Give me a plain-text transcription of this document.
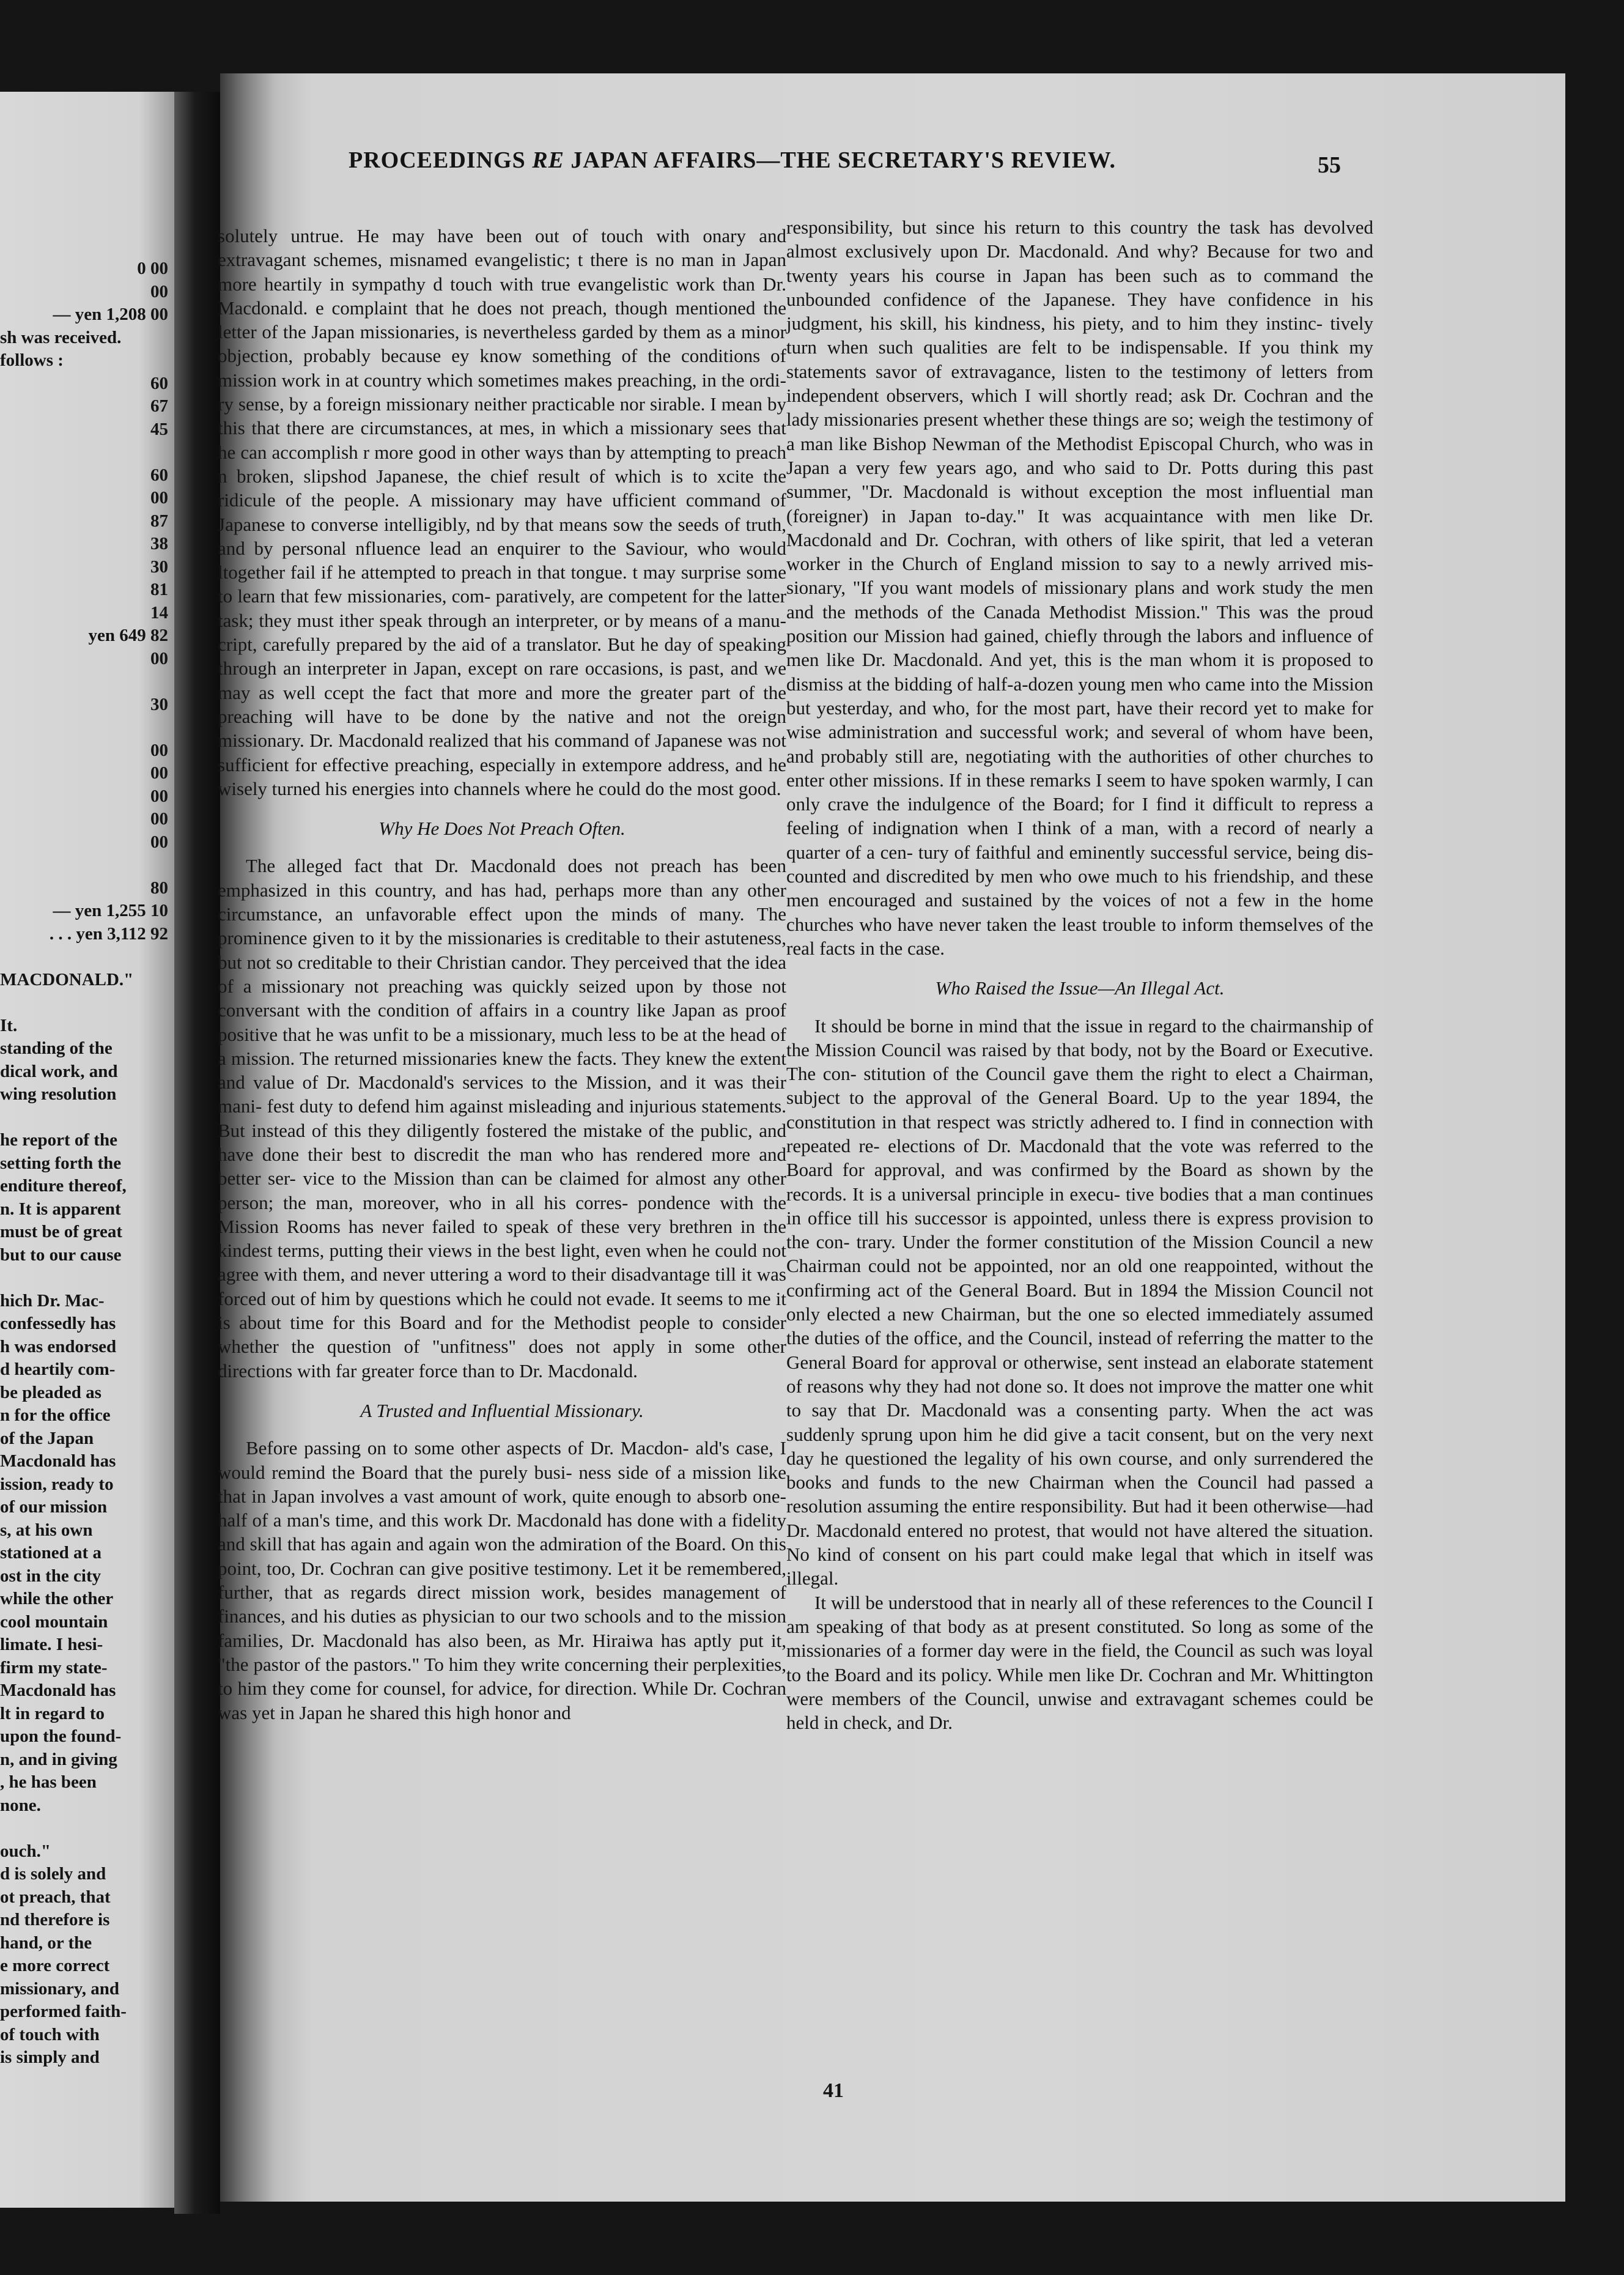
0 00
00
— yen 1,208 00
sh was received.
follows :
60
67
45
60
00
87
38
30
81
14
yen 649 82
00
30
00
00
00
00
00
80
— yen 1,255 10
. . . yen 3,112 92
MACDONALD."
It.
standing of the
dical work, and
wing resolution
he report of the
setting forth the
enditure thereof,
n. It is apparent
must be of great
but to our cause
hich Dr. Mac-
confessedly has
h was endorsed
d heartily com-
be pleaded as
n for the office
of the Japan
Macdonald has
ission, ready to
of our mission
s, at his own
stationed at a
ost in the city
while the other
cool mountain
limate. I hesi-
firm my state-
Macdonald has
lt in regard to
upon the found-
n, and in giving
, he has been
none.
ouch."
d is solely and
ot preach, that
nd therefore is
hand, or the
e more correct
missionary, and
performed faith-
of touch with
is simply and
PROCEEDINGS RE JAPAN AFFAIRS—THE SECRETARY'S REVIEW.	55

solutely untrue. He may have been out of touch with onary and extravagant schemes, misnamed evangelistic; t there is no man in Japan more heartily in sympathy d touch with true evangelistic work than Dr. Macdonald. e complaint that he does not preach, though mentioned the letter of the Japan missionaries, is nevertheless garded by them as a minor objection, probably because ey know something of the conditions of mission work in at country which sometimes makes preaching, in the ordi- ry sense, by a foreign missionary neither practicable nor sirable. I mean by this that there are circumstances, at mes, in which a missionary sees that he can accomplish r more good in other ways than by attempting to preach n broken, slipshod Japanese, the chief result of which is to xcite the ridicule of the people. A missionary may have ufficient command of Japanese to converse intelligibly, nd by that means sow the seeds of truth, and by personal nfluence lead an enquirer to the Saviour, who would ltogether fail if he attempted to preach in that tongue. t may surprise some to learn that few missionaries, com- paratively, are competent for the latter task; they must ither speak through an interpreter, or by means of a manu- cript, carefully prepared by the aid of a translator. But he day of speaking through an interpreter in Japan, except on rare occasions, is past, and we may as well ccept the fact that more and more the greater part of the preaching will have to be done by the native and not the oreign missionary. Dr. Macdonald realized that his command of Japanese was not sufficient for effective preaching, especially in extempore address, and he wisely turned his energies into channels where he could do the most good.

Why He Does Not Preach Often.

The alleged fact that Dr. Macdonald does not preach has been emphasized in this country, and has had, perhaps more than any other circumstance, an unfavorable effect upon the minds of many. The prominence given to it by the missionaries is creditable to their astuteness, but not so creditable to their Christian candor. They perceived that the idea of a missionary not preaching was quickly seized upon by those not conversant with the condition of affairs in a country like Japan as proof positive that he was unfit to be a missionary, much less to be at the head of a mission. The returned missionaries knew the facts. They knew the extent and value of Dr. Macdonald's services to the Mission, and it was their mani- fest duty to defend him against misleading and injurious statements. But instead of this they diligently fostered the mistake of the public, and have done their best to discredit the man who has rendered more and better ser- vice to the Mission than can be claimed for almost any other person; the man, moreover, who in all his corres- pondence with the Mission Rooms has never failed to speak of these very brethren in the kindest terms, putting their views in the best light, even when he could not agree with them, and never uttering a word to their disadvantage till it was forced out of him by questions which he could not evade. It seems to me it is about time for this Board and for the Methodist people to consider whether the question of "unfitness" does not apply in some other directions with far greater force than to Dr. Macdonald.

A Trusted and Influential Missionary.

Before passing on to some other aspects of Dr. Macdon- ald's case, I would remind the Board that the purely busi- ness side of a mission like that in Japan involves a vast amount of work, quite enough to absorb one-half of a man's time, and this work Dr. Macdonald has done with a fidelity and skill that has again and again won the admiration of the Board. On this point, too, Dr. Cochran can give positive testimony. Let it be remembered, further, that as regards direct mission work, besides management of finances, and his duties as physician to our two schools and to the mission families, Dr. Macdonald has also been, as Mr. Hiraiwa has aptly put it, "the pastor of the pastors." To him they write concerning their perplexities, to him they come for counsel, for advice, for direction. While Dr. Cochran was yet in Japan he shared this high honor and

responsibility, but since his return to this country the task has devolved almost exclusively upon Dr. Macdonald. And why? Because for two and twenty years his course in Japan has been such as to command the unbounded confidence of the Japanese. They have confidence in his judgment, his skill, his kindness, his piety, and to him they instinc- tively turn when such qualities are felt to be indispensable. If you think my statements savor of extravagance, listen to the testimony of letters from independent observers, which I will shortly read; ask Dr. Cochran and the lady missionaries present whether these things are so; weigh the testimony of a man like Bishop Newman of the Methodist Episcopal Church, who was in Japan a very few years ago, and who said to Dr. Potts during this past summer, "Dr. Macdonald is without exception the most influential man (foreigner) in Japan to-day." It was acquaintance with men like Dr. Macdonald and Dr. Cochran, with others of like spirit, that led a veteran worker in the Church of England mission to say to a newly arrived mis- sionary, "If you want models of missionary plans and work study the men and the methods of the Canada Methodist Mission." This was the proud position our Mission had gained, chiefly through the labors and influence of men like Dr. Macdonald. And yet, this is the man whom it is proposed to dismiss at the bidding of half-a-dozen young men who came into the Mission but yesterday, and who, for the most part, have their record yet to make for wise administration and successful work; and several of whom have been, and probably still are, negotiating with the authorities of other churches to enter other missions. If in these remarks I seem to have spoken warmly, I can only crave the indulgence of the Board; for I find it difficult to repress a feeling of indignation when I think of a man, with a record of nearly a quarter of a cen- tury of faithful and eminently successful service, being dis- counted and discredited by men who owe much to his friendship, and these men encouraged and sustained by the voices of not a few in the home churches who have never taken the least trouble to inform themselves of the real facts in the case.

Who Raised the Issue—An Illegal Act.

It should be borne in mind that the issue in regard to the chairmanship of the Mission Council was raised by that body, not by the Board or Executive. The con- stitution of the Council gave them the right to elect a Chairman, subject to the approval of the General Board. Up to the year 1894, the constitution in that respect was strictly adhered to. I find in connection with repeated re- elections of Dr. Macdonald that the vote was referred to the Board for approval, and was confirmed by the Board as shown by the records. It is a universal principle in execu- tive bodies that a man continues in office till his successor is appointed, unless there is express provision to the con- trary. Under the former constitution of the Mission Council a new Chairman could not be appointed, nor an old one reappointed, without the confirming act of the General Board. But in 1894 the Mission Council not only elected a new Chairman, but the one so elected immediately assumed the duties of the office, and the Council, instead of referring the matter to the General Board for approval or otherwise, sent instead an elaborate statement of reasons why they had not done so. It does not improve the matter one whit to say that Dr. Macdonald was a consenting party. When the act was suddenly sprung upon him he did give a tacit consent, but on the very next day he questioned the legality of his own course, and only surrendered the books and funds to the new Chairman when the Council had passed a resolution assuming the entire responsibility. But had it been otherwise—had Dr. Macdonald entered no protest, that would not have altered the situation. No kind of consent on his part could make legal that which in itself was illegal.

It will be understood that in nearly all of these references to the Council I am speaking of that body as at present constituted. So long as some of the missionaries of a former day were in the field, the Council as such was loyal to the Board and its policy. While men like Dr. Cochran and Mr. Whittington were members of the Council, unwise and extravagant schemes could be held in check, and Dr.

41
